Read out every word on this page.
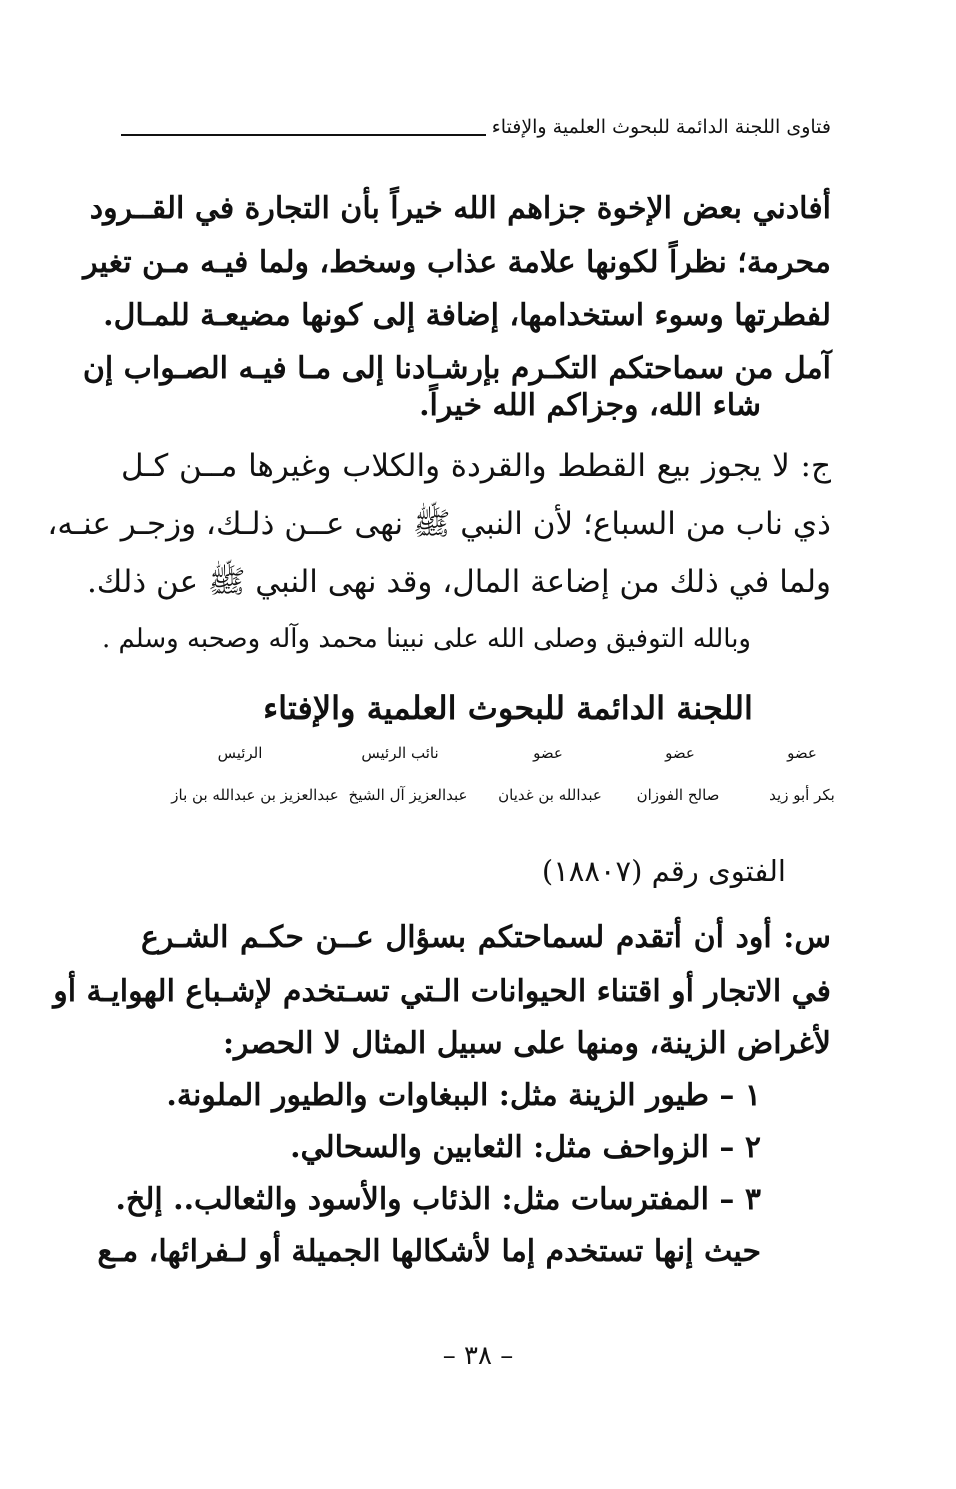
فتاوى اللجنة الدائمة للبحوث العلمية والإفتاء
أفادني بعض الإخوة جزاهم الله خيراً بأن التجارة في القــرود
محرمة؛ نظراً لكونها علامة عذاب وسخط، ولما فيـه مـن تغير
لفطرتها وسوء استخدامها، إضافة إلى كونها مضيعـة للمـال.
آمل من سماحتكم التكـرم بإرشـادنا إلى مـا فيـه الصـواب إن
شاء الله، وجزاكم الله خيراً.
ج: لا يجوز بيع القطط والقردة والكلاب وغيرها مــن كـل
ذي ناب من السباع؛ لأن النبي ﷺ نهى عــن ذلـك، وزجـر عنـه،
ولما في ذلك من إضاعة المال، وقد نهى النبي ﷺ عن ذلك.
وبالله التوفيق وصلى الله على نبينا محمد وآله وصحبه وسلم .
اللجنة الدائمة للبحوث العلمية والإفتاء
عضو
عضو
عضو
نائب الرئيس
الرئيس
بكر أبو زيد
صالح الفوزان
عبدالله بن غديان
عبدالعزيز آل الشيخ
عبدالعزيز بن عبدالله بن باز
الفتوى رقم (١٨٨٠٧)
س: أود أن أتقدم لسماحتكم بسؤال عــن حكـم الشـرع
في الاتجار أو اقتناء الحيوانات الـتي تسـتخدم لإشـباع الهوايـة أو
لأغراض الزينة، ومنها على سبيل المثال لا الحصر:
١ – طيور الزينة مثل: الببغاوات والطيور الملونة.
٢ – الزواحف مثل: الثعابين والسحالي.
٣ – المفترسات مثل: الذئاب والأسود والثعالب.. إلخ.
حيث إنها تستخدم إما لأشكالها الجميلة أو لـفرائها، مـع
– ٣٨ –
